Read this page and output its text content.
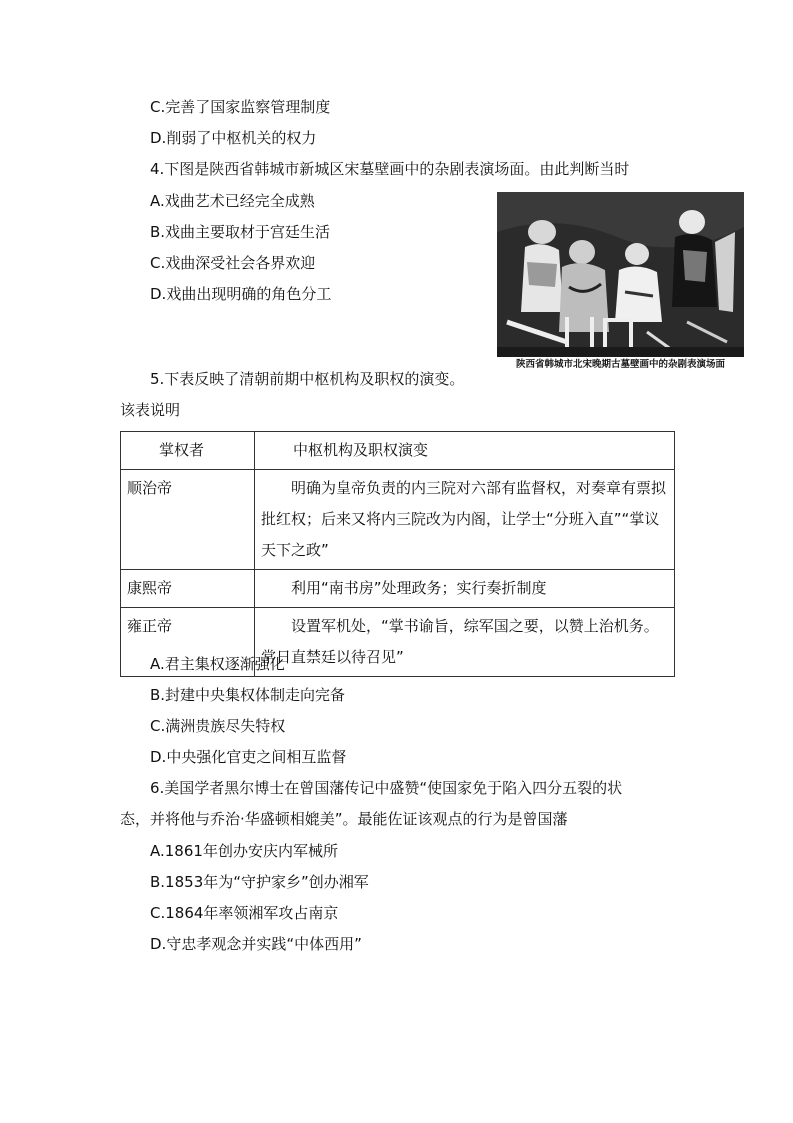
C.完善了国家监察管理制度
D.削弱了中枢机关的权力
4.下图是陕西省韩城市新城区宋墓壁画中的杂剧表演场面。由此判断当时
A.戏曲艺术已经完全成熟
B.戏曲主要取材于宫廷生活
C.戏曲深受社会各界欢迎
D.戏曲出现明确的角色分工
陕西省韩城市北宋晚期古墓壁画中的杂剧表演场面
5.下表反映了清朝前期中枢机构及职权的演变。
该表说明
掌权者	中枢机构及职权演变
顺治帝	明确为皇帝负责的内三院对六部有监督权，对奏章有票拟批红权；后来又将内三院改为内阁，让学士“分班入直”“掌议天下之政”
康熙帝	利用“南书房”处理政务；实行奏折制度
雍正帝	设置军机处，“掌书谕旨，综军国之要，以赞上治机务。常日直禁廷以待召见”
A.君主集权逐渐强化
B.封建中央集权体制走向完备
C.满洲贵族尽失特权
D.中央强化官吏之间相互监督
6.美国学者黑尔博士在曾国藩传记中盛赞“使国家免于陷入四分五裂的状
态，并将他与乔治·华盛顿相媲美”。最能佐证该观点的行为是曾国藩
A.1861年创办安庆内军械所
B.1853年为“守护家乡”创办湘军
C.1864年率领湘军攻占南京
D.守忠孝观念并实践“中体西用”
